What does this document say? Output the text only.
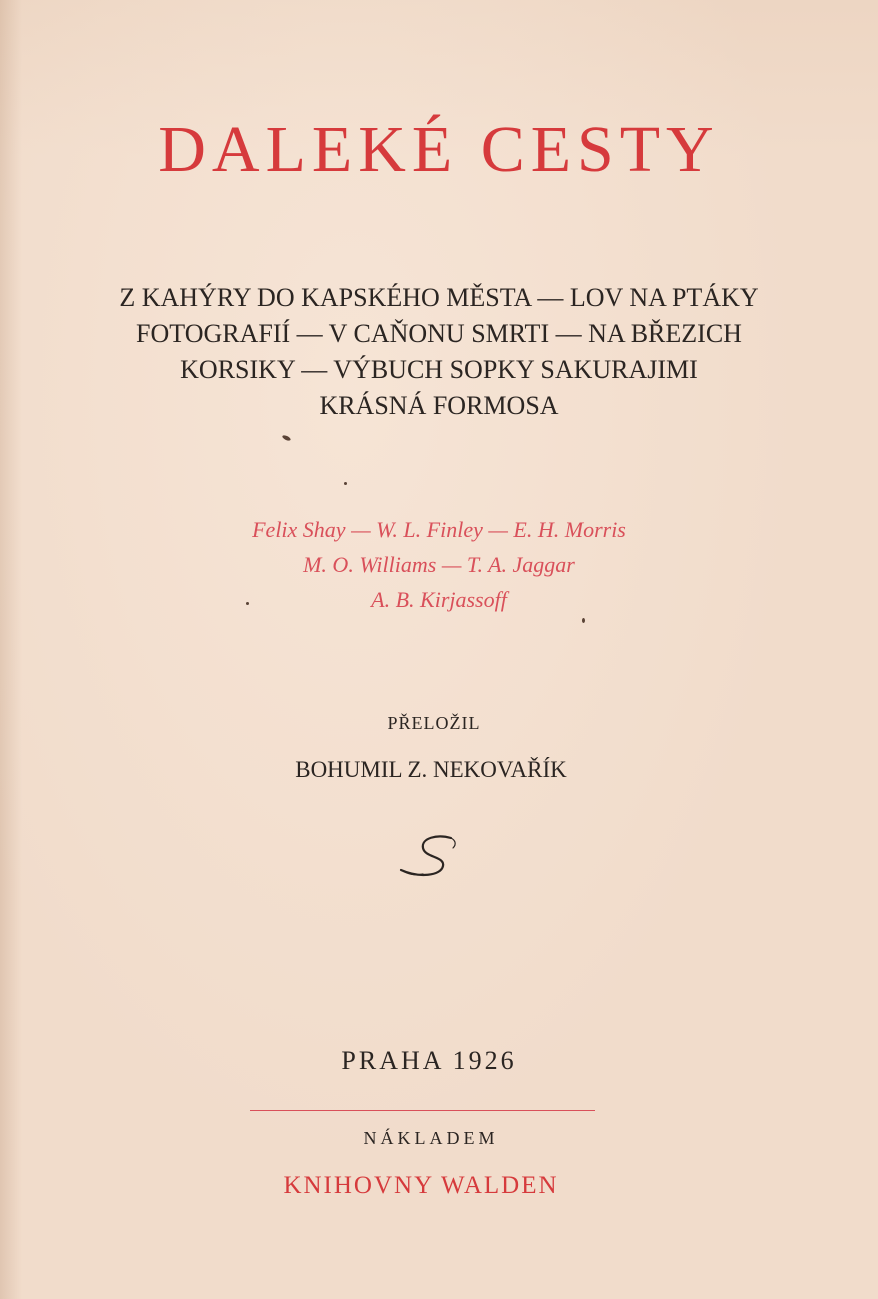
DALEKÉ CESTY
Z KAHÝRY DO KAPSKÉHO MĚSTA — LOV NA PTÁKY
FOTOGRAFIÍ — V CAŇONU SMRTI — NA BŘEZICH
KORSIKY — VÝBUCH SOPKY SAKURAJIMI
KRÁSNÁ FORMOSA
Felix Shay — W. L. Finley — E. H. Morris
M. O. Williams — T. A. Jaggar
A. B. Kirjassoff
PŘELOŽIL
BOHUMIL Z. NEKOVAŘÍK
PRAHA 1926
NÁKLADEM
KNIHOVNY WALDEN
